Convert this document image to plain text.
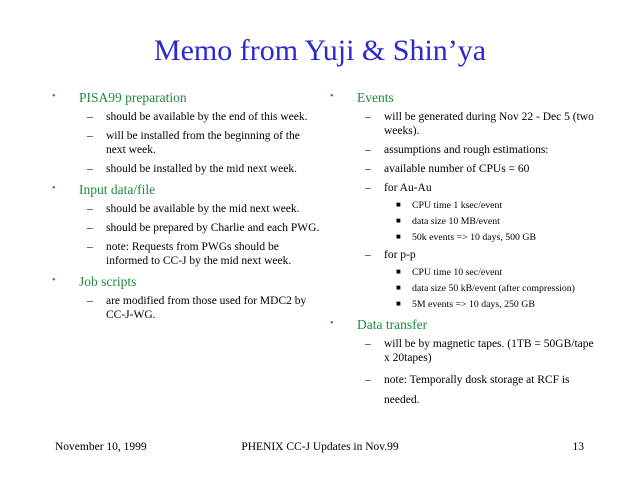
Memo from Yuji & Shin’ya
• PISA99 preparation
– should be available by the end of this week.
– will be installed from the beginning of the next week.
– should be installed by the mid next week.
• Input data/file
– should be available by the mid next week.
– should be prepared by Charlie and each PWG.
– note: Requests from PWGs should be informed to CC-J by the mid next week.
• Job scripts
– are modified from those used for MDC2 by CC-J-WG.
• Events
– will be generated during Nov 22 - Dec 5 (two weeks).
– assumptions and rough estimations:
– available number of CPUs = 60
– for Au-Au
■ CPU time 1 ksec/event
■ data size 10 MB/event
■ 50k events => 10 days, 500 GB
– for p-p
■ CPU time 10 sec/event
■ data size 50 kB/event (after compression)
■ 5M events => 10 days, 250 GB
• Data transfer
– will be by magnetic tapes. (1TB = 50GB/tape x 20tapes)
– note: Temporally dosk storage at RCF is needed.
November 10, 1999	PHENIX CC-J Updates in Nov.99	13
